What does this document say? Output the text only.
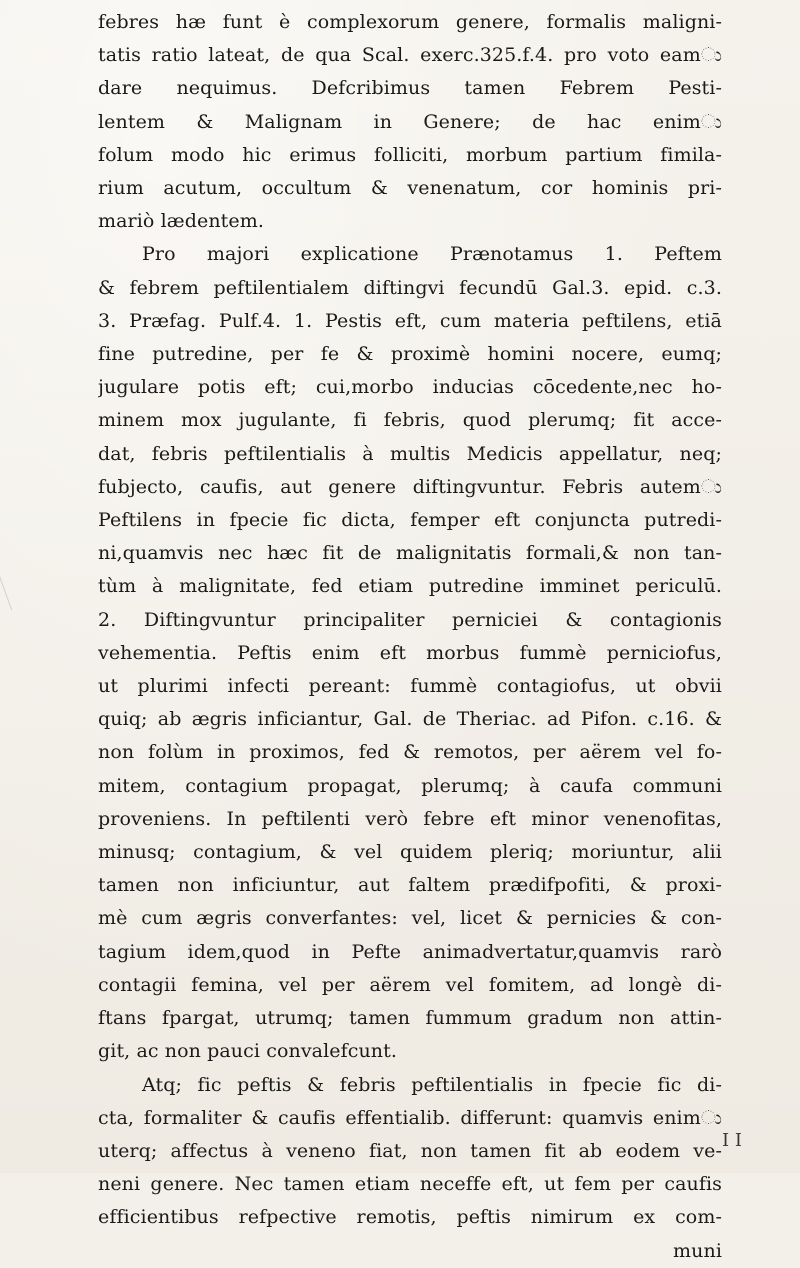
febres hæ funt è complexorum genere, formalis maligni-
tatis ratio lateat, de qua Scal. exerc.325.f.4. pro voto eamು
dare nequimus. Defcribimus tamen Febrem Pesti-
lentem & Malignam in Genere; de hac enimು
folum modo hic erimus folliciti, morbum partium fimila-
rium acutum, occultum & venenatum, cor hominis pri-
mariò lædentem.
Pro majori explicatione Prænotamus 1. Peftem
& febrem peftilentialem diftingvi fecundū Gal.3. epid. c.3.
3. Præfag. Pulf.4. 1. Pestis eft, cum materia peftilens, etiā
fine putredine, per fe & proximè homini nocere, eumq;
jugulare potis eft; cui,morbo inducias cōcedente,nec ho-
minem mox jugulante, fi febris, quod plerumq; fit acce-
dat, febris peftilentialis à multis Medicis appellatur, neq;
fubjecto, caufis, aut genere diftingvuntur. Febris autemು
Peftilens in fpecie fic dicta, femper eft conjuncta putredi-
ni,quamvis nec hæc fit de malignitatis formali,& non tan-
tùm à malignitate, fed etiam putredine imminet periculū.
2. Diftingvuntur principaliter perniciei & contagionis
vehementia. Peftis enim eft morbus fummè perniciofus,
ut plurimi infecti pereant: fummè contagiofus, ut obvii
quiq; ab ægris inficiantur, Gal. de Theriac. ad Pifon. c.16. &
non folùm in proximos, fed & remotos, per aërem vel fo-
mitem, contagium propagat, plerumq; à caufa communi
proveniens. In peftilenti verò febre eft minor venenofitas,
minusq; contagium, & vel quidem pleriq; moriuntur, alii
tamen non inficiuntur, aut faltem prædifpofiti, & proxi-
mè cum ægris converfantes: vel, licet & pernicies & con-
tagium idem,quod in Pefte animadvertatur,quamvis rarò
contagii femina, vel per aërem vel fomitem, ad longè di-
ftans fpargat, utrumq; tamen fummum gradum non attin-
git, ac non pauci convalefcunt.
Atq; fic peftis & febris peftilentialis in fpecie fic di-
cta, formaliter & caufis effentialib. differunt: quamvis enimು
uterq; affectus à veneno fiat, non tamen fit ab eodem ve-
neni genere. Nec tamen etiam neceffe eft, ut fem per caufis
efficientibus refpective remotis, peftis nimirum ex com-
muni
I I
